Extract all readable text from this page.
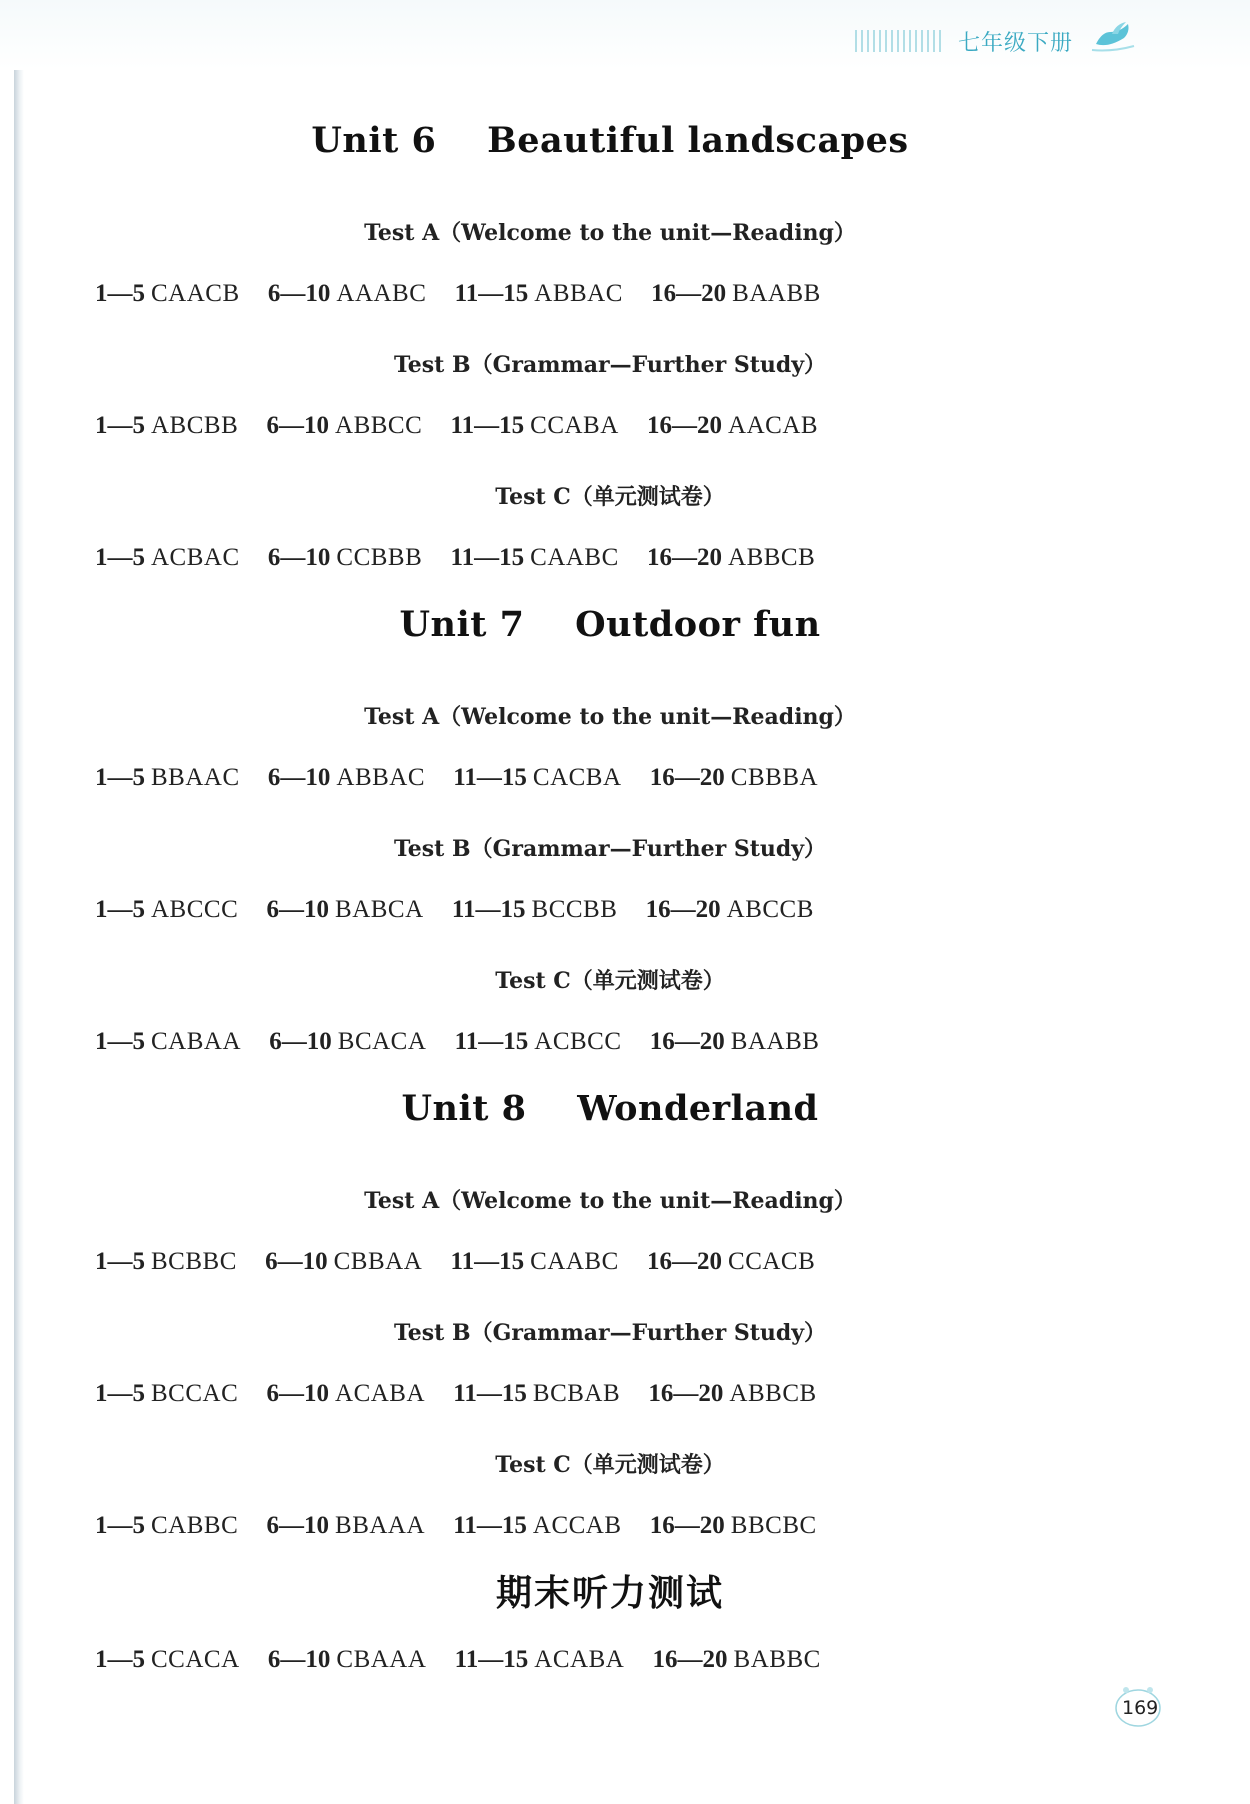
七年级下册
Unit 6    Beautiful landscapes
Test A（Welcome to the unit—Reading）
1—5 CAACB 6—10 AAABC 11—15 ABBAC 16—20 BAABB
Test B（Grammar—Further Study）
1—5 ABCBB 6—10 ABBCC 11—15 CCABA 16—20 AACAB
Test C（单元测试卷）
1—5 ACBAC 6—10 CCBBB 11—15 CAABC 16—20 ABBCB
Unit 7    Outdoor fun
Test A（Welcome to the unit—Reading）
1—5 BBAAC 6—10 ABBAC 11—15 CACBA 16—20 CBBBA
Test B（Grammar—Further Study）
1—5 ABCCC 6—10 BABCA 11—15 BCCBB 16—20 ABCCB
Test C（单元测试卷）
1—5 CABAA 6—10 BCACA 11—15 ACBCC 16—20 BAABB
Unit 8    Wonderland
Test A（Welcome to the unit—Reading）
1—5 BCBBC 6—10 CBBAA 11—15 CAABC 16—20 CCACB
Test B（Grammar—Further Study）
1—5 BCCAC 6—10 ACABA 11—15 BCBAB 16—20 ABBCB
Test C（单元测试卷）
1—5 CABBC 6—10 BBAAA 11—15 ACCAB 16—20 BBCBC
期末听力测试
1—5 CCACA 6—10 CBAAA 11—15 ACABA 16—20 BABBC
169
